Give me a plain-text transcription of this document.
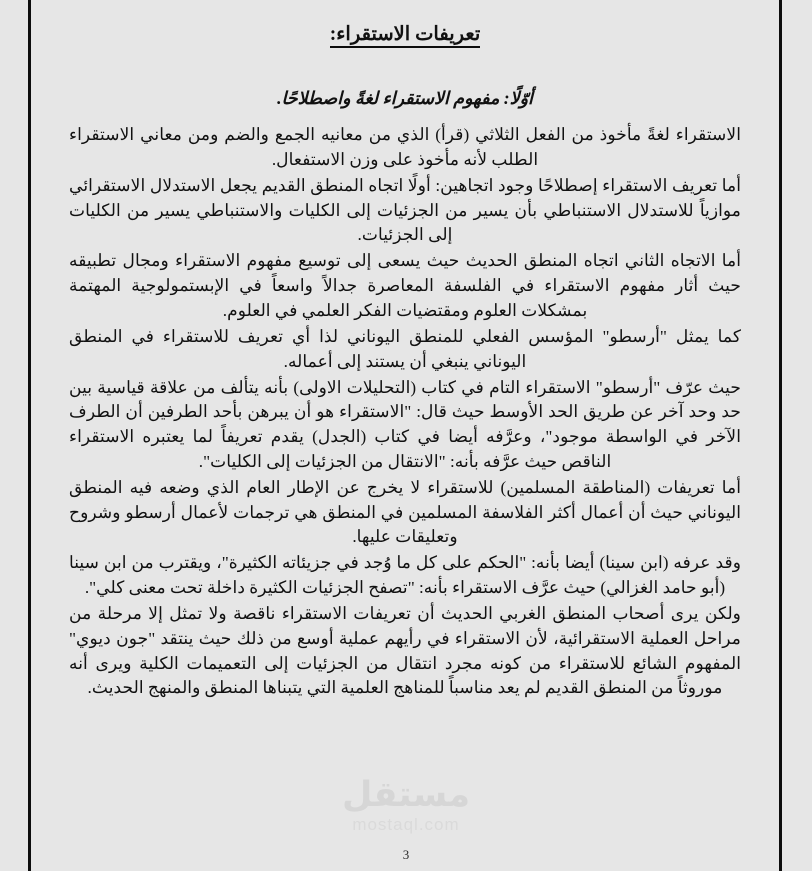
تعريفات الاستقراء:
أوّلًا: مفهوم الاستقراء لغةً واصطلاحًا.

الاستقراء لغةً مأخوذ من الفعل الثلاثي (قرأ) الذي من معانيه الجمع والضم ومن معاني الاستقراء الطلب لأنه مأخوذ على وزن الاستفعال.

أما تعريف الاستقراء إصطلاحًا وجود اتجاهين: أولًا اتجاه المنطق القديم يجعل الاستدلال الاستقرائي موازياً للاستدلال الاستنباطي بأن يسير من الجزئيات إلى الكليات والاستنباطي يسير من الكليات إلى الجزئيات.

أما الاتجاه الثاني اتجاه المنطق الحديث حيث يسعى إلى توسيع مفهوم الاستقراء ومجال تطبيقه حيث أثار مفهوم الاستقراء في الفلسفة المعاصرة جدالاً واسعاً في الإبستمولوجية المهتمة بمشكلات العلوم ومقتضيات الفكر العلمي في العلوم.

كما يمثل "أرسطو" المؤسس الفعلي للمنطق اليوناني لذا أي تعريف للاستقراء في المنطق اليوناني ينبغي أن يستند إلى أعماله.

حيث عرّف "أرسطو" الاستقراء التام في كتاب (التحليلات الاولى) بأنه يتألف من علاقة قياسية بين حد وحد آخر عن طريق الحد الأوسط حيث قال: "الاستقراء هو أن يبرهن بأحد الطرفين أن الطرف الآخر في الواسطة موجود"، وعرَّفه أيضا في كتاب (الجدل) يقدم تعريفاً لما يعتبره الاستقراء الناقص حيث عرَّفه بأنه: "الانتقال من الجزئيات إلى الكليات".

أما تعريفات (المناطقة المسلمين) للاستقراء لا يخرج عن الإطار العام الذي وضعه فيه المنطق اليوناني حيث أن أعمال أكثر الفلاسفة المسلمين في المنطق هي ترجمات لأعمال أرسطو وشروح وتعليقات عليها.

وقد عرفه (ابن سينا) أيضا بأنه: "الحكم على كل ما وُجد في جزيئاته الكثيرة"، ويقترب من ابن سينا (أبو حامد الغزالي) حيث عرَّف الاستقراء بأنه: "تصفح الجزئيات الكثيرة داخلة تحت معنى كلي".

ولكن يرى أصحاب المنطق الغربي الحديث أن تعريفات الاستقراء ناقصة ولا تمثل إلا مرحلة من مراحل العملية الاستقرائية، لأن الاستقراء في رأيهم عملية أوسع من ذلك حيث ينتقد "جون ديوي" المفهوم الشائع للاستقراء من كونه مجرد انتقال من الجزئيات إلى التعميمات الكلية ويرى أنه موروثاً من المنطق القديم لم يعد مناسباً للمناهج العلمية التي يتبناها المنطق والمنهج الحديث.

مستقل
mostaql.com
3
